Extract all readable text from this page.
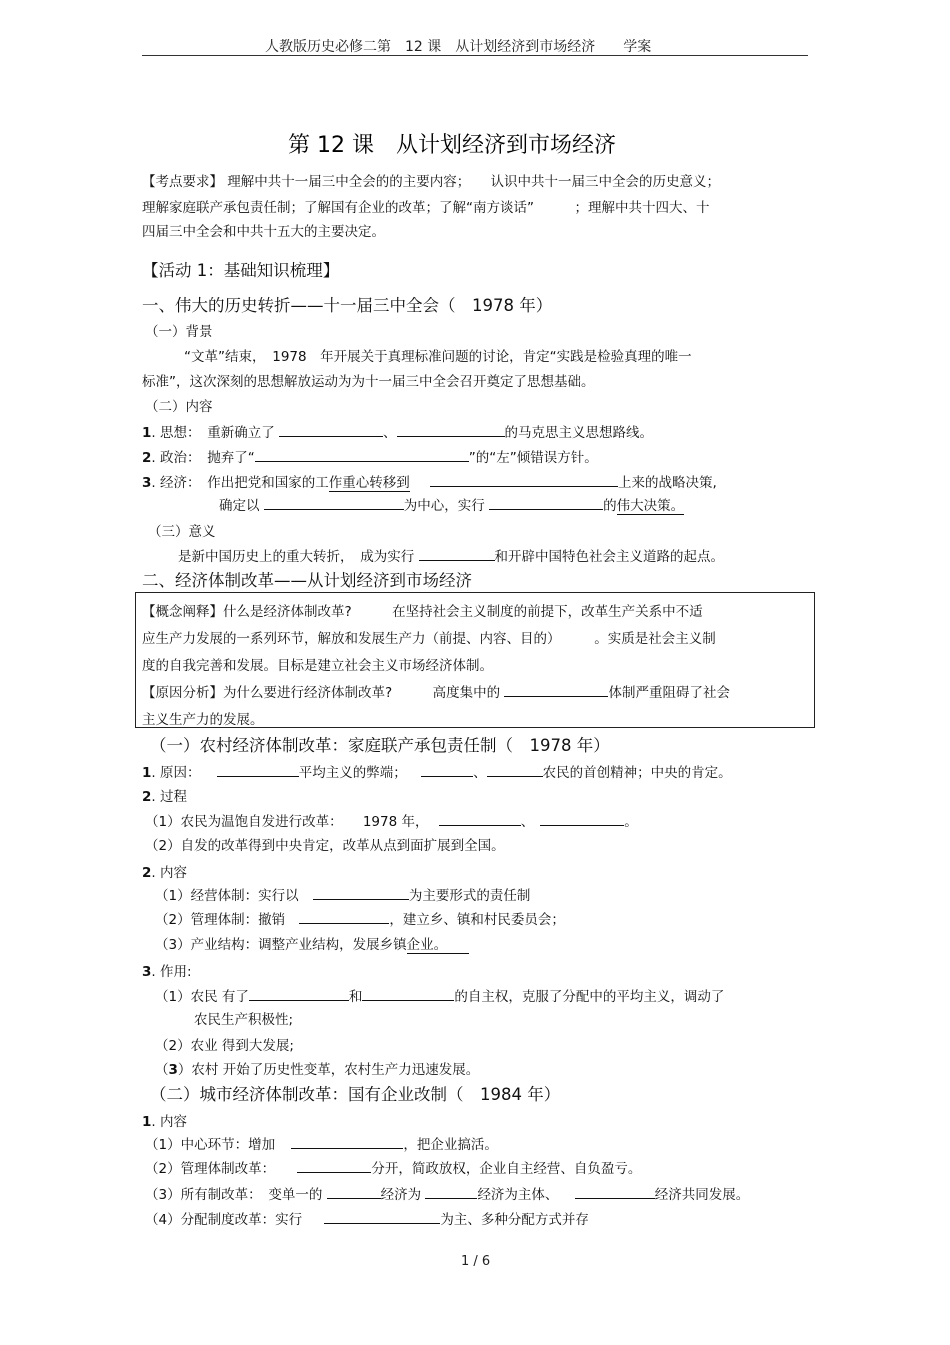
人教版历史必修二第　12 课　从计划经济到市场经济　　学案
第 12 课　从计划经济到市场经济
【考点要求】 理解中共十一届三中全会的的主要内容；　　认识中共十一届三中全会的历史意义；
理解家庭联产承包责任制；了解国有企业的改革；了解“南方谈话”　　　；理解中共十四大、十
四届三中全会和中共十五大的主要决定。
【活动 1：基础知识梳理】
一、伟大的历史转折——十一届三中全会（　1978 年）
（一）背景
“文革”结束，　1978　年开展关于真理标准问题的讨论，肯定“实践是检验真理的唯一
标准”，这次深刻的思想解放运动为为十一届三中全会召开奠定了思想基础。
（二）内容
1. 思想：　重新确立了	、	的马克思主义思想路线。
2. 政治：　抛弃了“	”的“左”倾错误方针。
3. 经济：　作出把党和国家的工作重心转移到	上来的战略决策,
确定以	为中心，实行	的伟大决策。
（三）意义
是新中国历史上的重大转折，　成为实行	和开辟中国特色社会主义道路的起点。
二、经济体制改革——从计划经济到市场经济
【概念阐释】什么是经济体制改革?　　　在坚持社会主义制度的前提下，改革生产关系中不适
应生产力发展的一系列环节，解放和发展生产力（前提、内容、目的）　　　。实质是社会主义制
度的自我完善和发展。目标是建立社会主义市场经济体制。
【原因分析】为什么要进行经济体制改革?　　　高度集中的	体制严重阻碍了社会
主义生产力的发展。
（一）农村经济体制改革：家庭联产承包责任制（　1978 年）
1. 原因：	平均主义的弊端；	、	农民的首创精神；中央的肯定。
2. 过程
（1）农民为温饱自发进行改革：　　1978 年，	、	。
（2）自发的改革得到中央肯定，改革从点到面扩展到全国。
2. 内容
（1）经营体制：实行以	为主要形式的责任制
（2）管理体制：撤销	，建立乡、镇和村民委员会；
（3）产业结构：调整产业结构，发展乡镇企业。
3. 作用:
（1）农民 有了	和	的自主权，克服了分配中的平均主义，调动了
农民生产积极性;
（2）农业 得到大发展;
（3）农村 开始了历史性变革，农村生产力迅速发展。
（二）城市经济体制改革：国有企业改制（　1984 年）
1. 内容
（1）中心环节：增加	，把企业搞活。
（2）管理体制改革：	分开，简政放权，企业自主经营、自负盈亏。
（3）所有制改革：　变单一的	经济为	经济为主体、	经济共同发展。
（4）分配制度改革：实行	为主、多种分配方式并存
1 / 6
